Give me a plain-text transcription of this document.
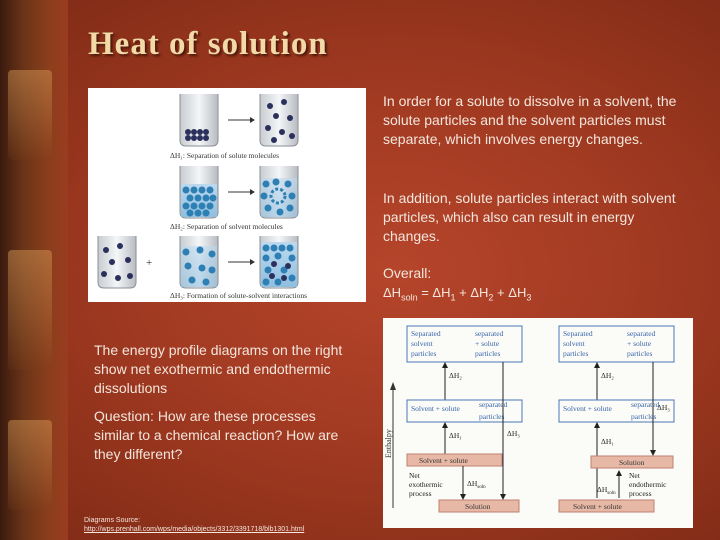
Heat of solution
ΔH₁: Separation of solute molecules
ΔH₂: Separation of solvent molecules
+
ΔH₃: Formation of solute-solvent interactions
In order for a solute to dissolve in a solvent, the solute particles and the solvent particles must separate, which involves energy changes.
In addition, solute particles interact with solvent particles, which also can result in energy changes.
Overall:
$\Delta H_{soln} = \Delta H_1 + \Delta H_2 + \Delta H_3$
The energy profile diagrams on the right show net exothermic and endothermic dissolutions
Question: How are these processes similar to a chemical reaction? How are they different?
Diagrams Source:
http://wps.prenhall.com/wps/media/objects/3312/3391718/blb1301.html
Enthalpy
Separated
solvent
particles
separated
+ solute
particles
ΔH₂
Solvent + solute	separated
particles
ΔH₁	ΔH₃
Solvent + solute
Net
exothermic
process
$\Delta H_{soln}$
Solution
Separated
solvent
particles
separated
+ solute
particles
ΔH₂
Solvent + solute	separated
particles
ΔH₁
ΔH₃
Solution
Net
endothermic
process
$\Delta H_{soln}$
Solvent + solute
